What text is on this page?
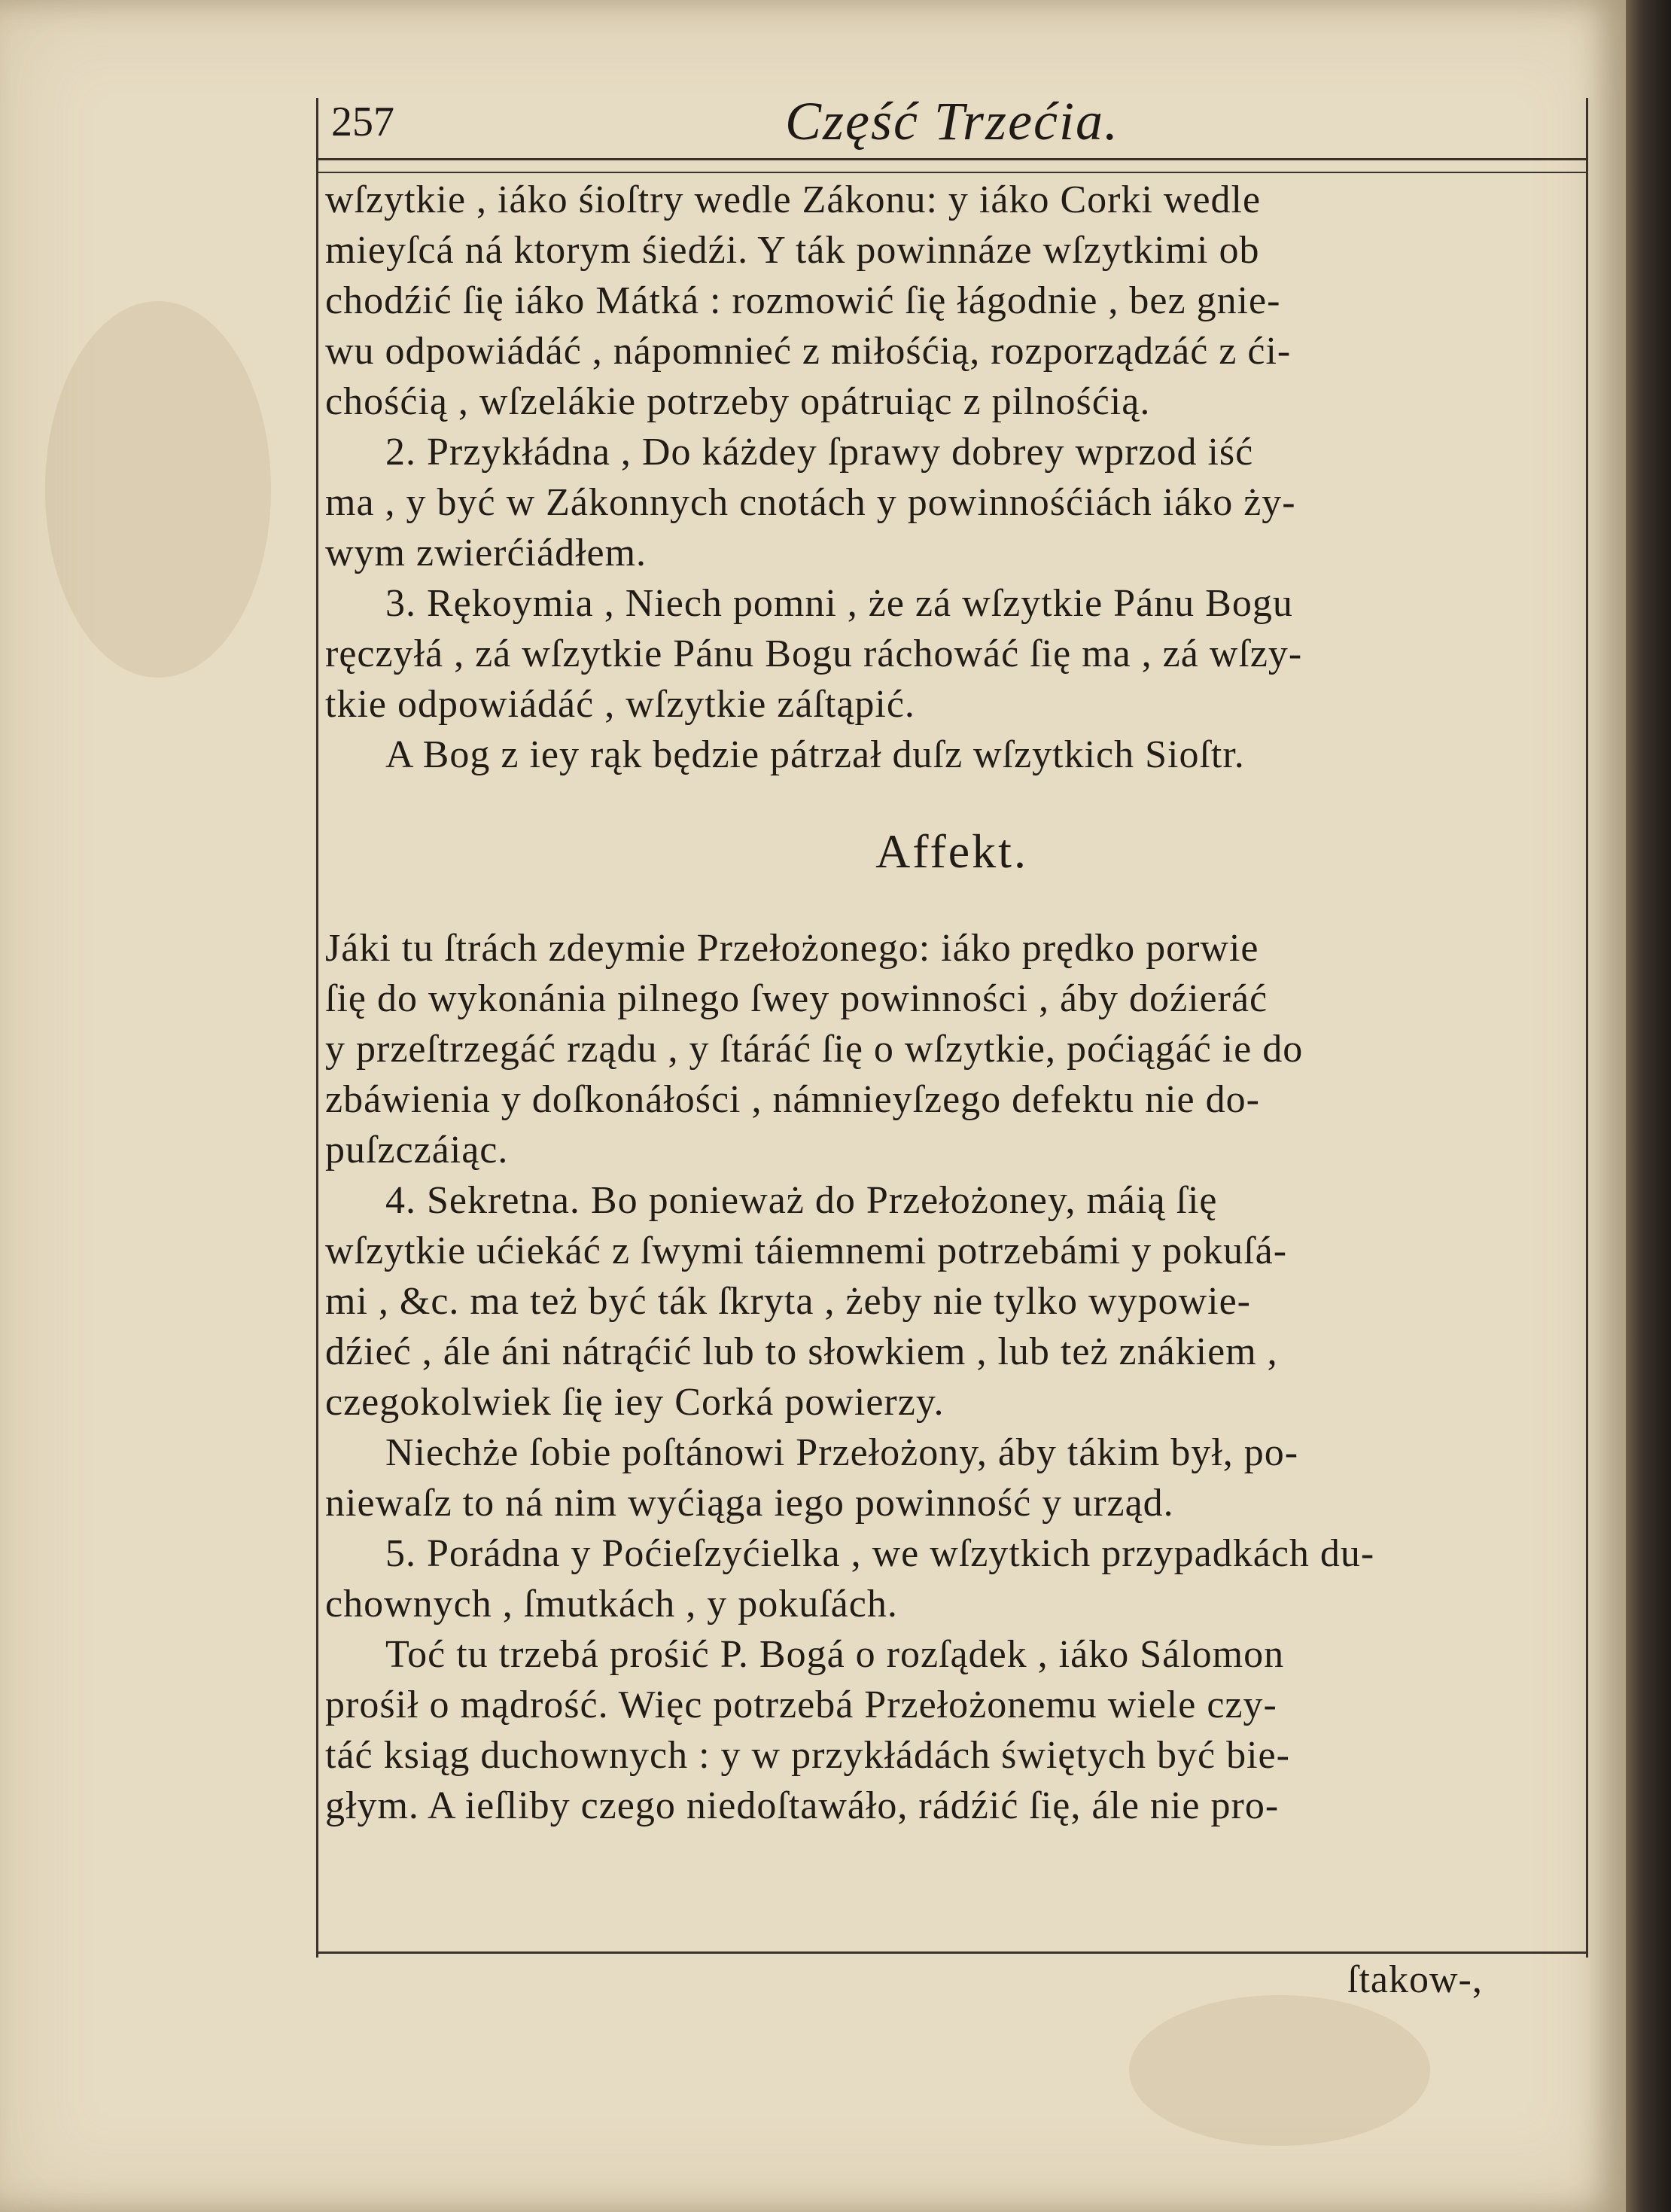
257	Część Trzećia.
wſzytkie , iáko śioſtry wedle Zákonu: y iáko Corki wedle
mieyſcá ná ktorym śiedźi. Y ták powinnáze wſzytkimi ob
chodźić ſię iáko Mátká : rozmowić ſię łágodnie , bez gnie-
wu odpowiádáć , nápomnieć z miłośćią, rozporządzáć z ći-
chośćią , wſzelákie potrzeby opátruiąc z pilnośćią.
2. Przykłádna , Do káżdey ſprawy dobrey wprzod iść
ma , y być w Zákonnych cnotách y powinnośćiách iáko ży-
wym zwierćiádłem.
3. Rękoymia , Niech pomni , że zá wſzytkie Pánu Bogu
ręczyłá , zá wſzytkie Pánu Bogu ráchowáć ſię ma , zá wſzy-
tkie odpowiádáć , wſzytkie záſtąpić.
A Bog z iey rąk będzie pátrzał duſz wſzytkich Sioſtr.
Affekt.
Jáki tu ſtrách zdeymie Przełożonego: iáko prędko porwie
ſię do wykonánia pilnego ſwey powinności , áby doźieráć
y przeſtrzegáć rządu , y ſtáráć ſię o wſzytkie, poćiągáć ie do
zbáwienia y doſkonáłości , námnieyſzego defektu nie do-
puſzczáiąc.
4. Sekretna. Bo ponieważ do Przełożoney, máią ſię
wſzytkie ućiekáć z ſwymi táiemnemi potrzebámi y pokuſá-
mi , &c. ma też być ták ſkryta , żeby nie tylko wypowie-
dźieć , ále áni nátrąćić lub to słowkiem , lub też znákiem ,
czegokolwiek ſię iey Corká powierzy.
Niechże ſobie poſtánowi Przełożony, áby tákim był, po-
niewaſz to ná nim wyćiąga iego powinność y urząd.
5. Porádna y Poćieſzyćielka , we wſzytkich przypadkách du-
chownych , ſmutkách , y pokuſách.
Toć tu trzebá prośić P. Bogá o rozſądek , iáko Sálomon
prośił o mądrość. Więc potrzebá Przełożonemu wiele czy-
táć ksiąg duchownych : y w przykłádách świętych być bie-
głym. A ieſliby czego niedoſtawáło, rádźić ſię, ále nie pro-
ſtakow-,
